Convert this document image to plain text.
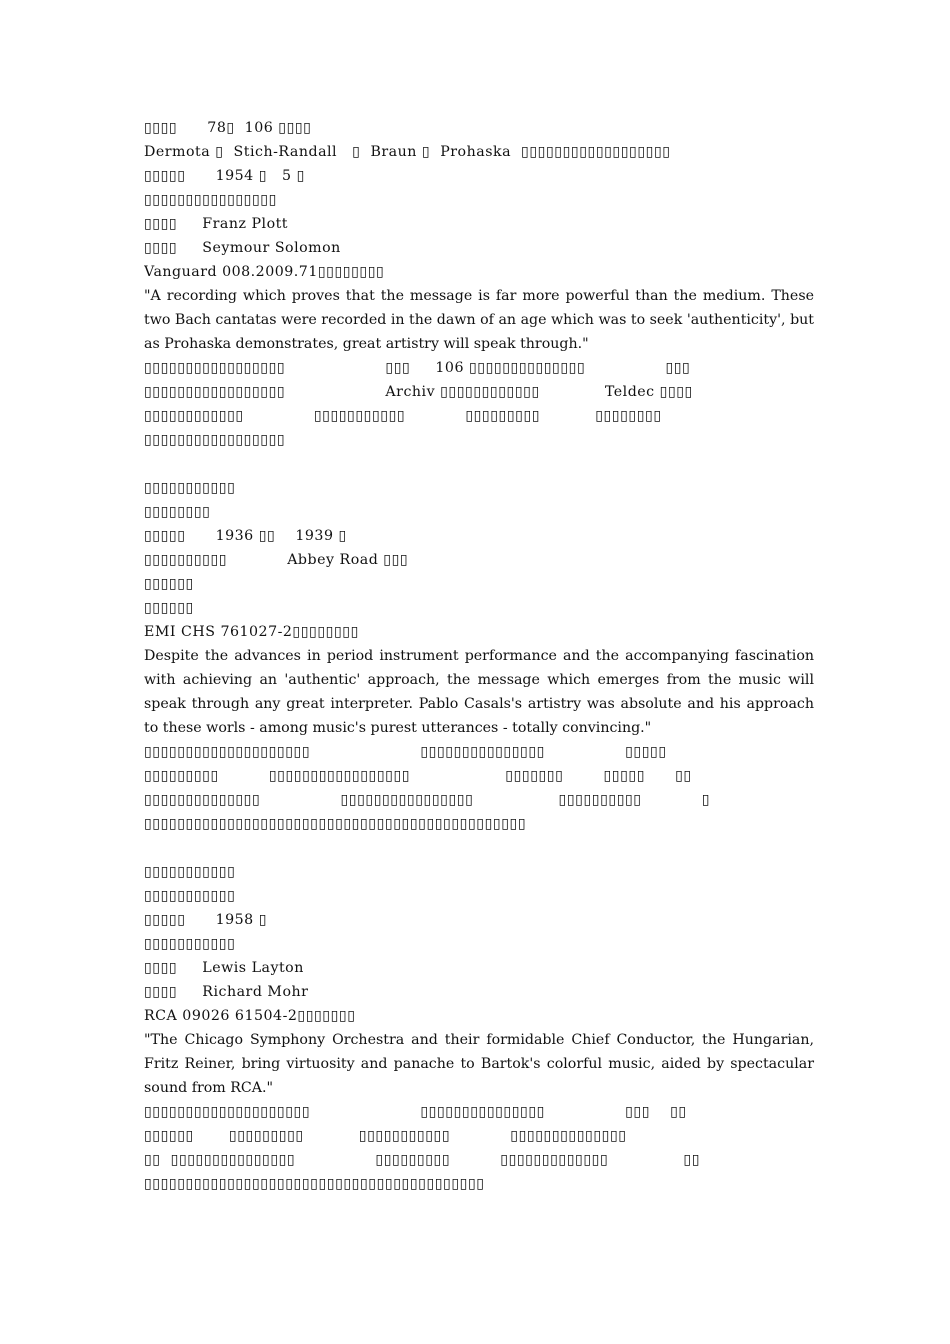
▯▯▯▯      78▯  106 ▯▯▯▯
Dermota ▯  Stich-Randall   ▯  Braun ▯  Prohaska  ▯▯▯▯▯▯▯▯▯▯▯▯▯▯▯▯▯▯
▯▯▯▯▯      1954 ▯   5 ▯
▯▯▯▯▯▯▯▯▯▯▯▯▯▯▯▯
▯▯▯▯     Franz Plott
▯▯▯▯     Seymour Solomon
Vanguard 008.2009.71▯▯▯▯▯▯▯▯
"A recording which proves that the message is far more powerful than the medium. These two Bach cantatas were recorded in the dawn of an age which was to seek 'authenticity', but as Prohaska demonstrates, great artistry will speak through."
▯▯▯▯▯▯▯▯▯▯▯▯▯▯▯▯▯                    ▯▯▯     106 ▯▯▯▯▯▯▯▯▯▯▯▯▯▯                ▯▯▯
▯▯▯▯▯▯▯▯▯▯▯▯▯▯▯▯▯                    Archiv ▯▯▯▯▯▯▯▯▯▯▯▯             Teldec ▯▯▯▯
▯▯▯▯▯▯▯▯▯▯▯▯              ▯▯▯▯▯▯▯▯▯▯▯            ▯▯▯▯▯▯▯▯▯           ▯▯▯▯▯▯▯▯
▯▯▯▯▯▯▯▯▯▯▯▯▯▯▯▯▯
▯▯▯▯▯▯▯▯▯▯▯
▯▯▯▯▯▯▯▯
▯▯▯▯▯      1936 ▯▯    1939 ▯
▯▯▯▯▯▯▯▯▯▯            Abbey Road ▯▯▯
▯▯▯▯▯▯
▯▯▯▯▯▯
EMI CHS 761027-2▯▯▯▯▯▯▯▯
Despite the advances in period instrument performance and the accompanying fascination with achieving an 'authentic' approach, the message which emerges from the music will speak through any great interpreter. Pablo Casals's artistry was absolute and his approach to these worls - among music's purest utterances - totally convincing."
▯▯▯▯▯▯▯▯▯▯▯▯▯▯▯▯▯▯▯▯                      ▯▯▯▯▯▯▯▯▯▯▯▯▯▯▯                ▯▯▯▯▯
▯▯▯▯▯▯▯▯▯          ▯▯▯▯▯▯▯▯▯▯▯▯▯▯▯▯▯                   ▯▯▯▯▯▯▯        ▯▯▯▯▯      ▯▯
▯▯▯▯▯▯▯▯▯▯▯▯▯▯                ▯▯▯▯▯▯▯▯▯▯▯▯▯▯▯▯                 ▯▯▯▯▯▯▯▯▯▯            ▯
▯▯▯▯▯▯▯▯▯▯▯▯▯▯▯▯▯▯▯▯▯▯▯▯▯▯▯▯▯▯▯▯▯▯▯▯▯▯▯▯▯▯▯▯▯▯
▯▯▯▯▯▯▯▯▯▯▯
▯▯▯▯▯▯▯▯▯▯▯
▯▯▯▯▯      1958 ▯
▯▯▯▯▯▯▯▯▯▯▯
▯▯▯▯     Lewis Layton
▯▯▯▯     Richard Mohr
RCA 09026 61504-2▯▯▯▯▯▯▯
"The Chicago Symphony Orchestra and their formidable Chief Conductor, the Hungarian, Fritz Reiner, bring virtuosity and panache to Bartok's colorful music, aided by spectacular sound from RCA."
▯▯▯▯▯▯▯▯▯▯▯▯▯▯▯▯▯▯▯▯                      ▯▯▯▯▯▯▯▯▯▯▯▯▯▯▯                ▯▯▯    ▯▯
▯▯▯▯▯▯       ▯▯▯▯▯▯▯▯▯           ▯▯▯▯▯▯▯▯▯▯▯            ▯▯▯▯▯▯▯▯▯▯▯▯▯▯
▯▯  ▯▯▯▯▯▯▯▯▯▯▯▯▯▯▯                ▯▯▯▯▯▯▯▯▯          ▯▯▯▯▯▯▯▯▯▯▯▯▯               ▯▯
▯▯▯▯▯▯▯▯▯▯▯▯▯▯▯▯▯▯▯▯▯▯▯▯▯▯▯▯▯▯▯▯▯▯▯▯▯▯▯▯▯
